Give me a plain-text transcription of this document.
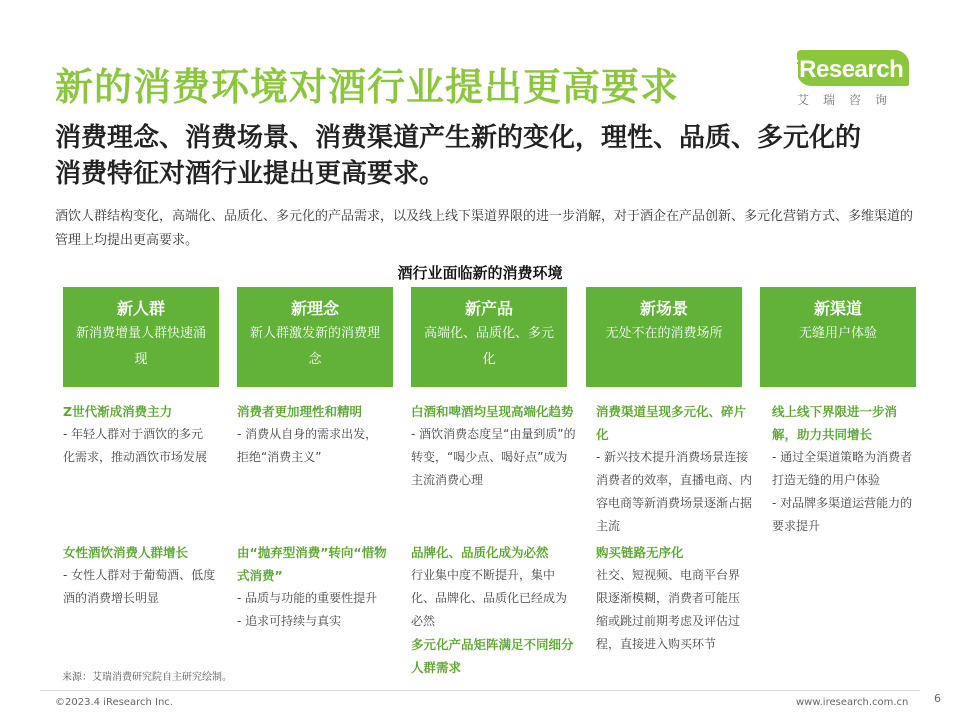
新的消费环境对酒行业提出更高要求	iResearch
艾瑞咨询
消费理念、消费场景、消费渠道产生新的变化，理性、品质、多元化的消费特征对酒行业提出更高要求。
酒饮人群结构变化，高端化、品质化、多元化的产品需求，以及线上线下渠道界限的进一步消解，对于酒企在产品创新、多元化营销方式、多维渠道的管理上均提出更高要求。
酒行业面临新的消费环境
新人群
新消费增量人群快速涌现
新理念
新人群激发新的消费理念
新产品
高端化、品质化、多元化
新场景
无处不在的消费场所
新渠道
无缝用户体验
Z世代渐成消费主力
- 年轻人群对于酒饮的多元化需求，推动酒饮市场发展
女性酒饮消费人群增长
- 女性人群对于葡萄酒、低度酒的消费增长明显
消费者更加理性和精明
- 消费从自身的需求出发，拒绝“消费主义”
由“抛弃型消费”转向“惜物式消费”
- 品质与功能的重要性提升
- 追求可持续与真实
白酒和啤酒均呈现高端化趋势
- 酒饮消费态度呈“由量到质”的转变，“喝少点、喝好点”成为主流消费心理
品牌化、品质化成为必然
行业集中度不断提升，集中化、品牌化、品质化已经成为必然
多元化产品矩阵满足不同细分人群需求
消费渠道呈现多元化、碎片化
- 新兴技术提升消费场景连接消费者的效率，直播电商、内容电商等新消费场景逐渐占据主流
购买链路无序化
社交、短视频、电商平台界限逐渐模糊，消费者可能压缩或跳过前期考虑及评估过程，直接进入购买环节
线上线下界限进一步消解，助力共同增长
- 通过全渠道策略为消费者打造无缝的用户体验
- 对品牌多渠道运营能力的要求提升
来源：艾瑞消费研究院自主研究绘制。
©2023.4 iResearch Inc.	www.iresearch.com.cn 6
